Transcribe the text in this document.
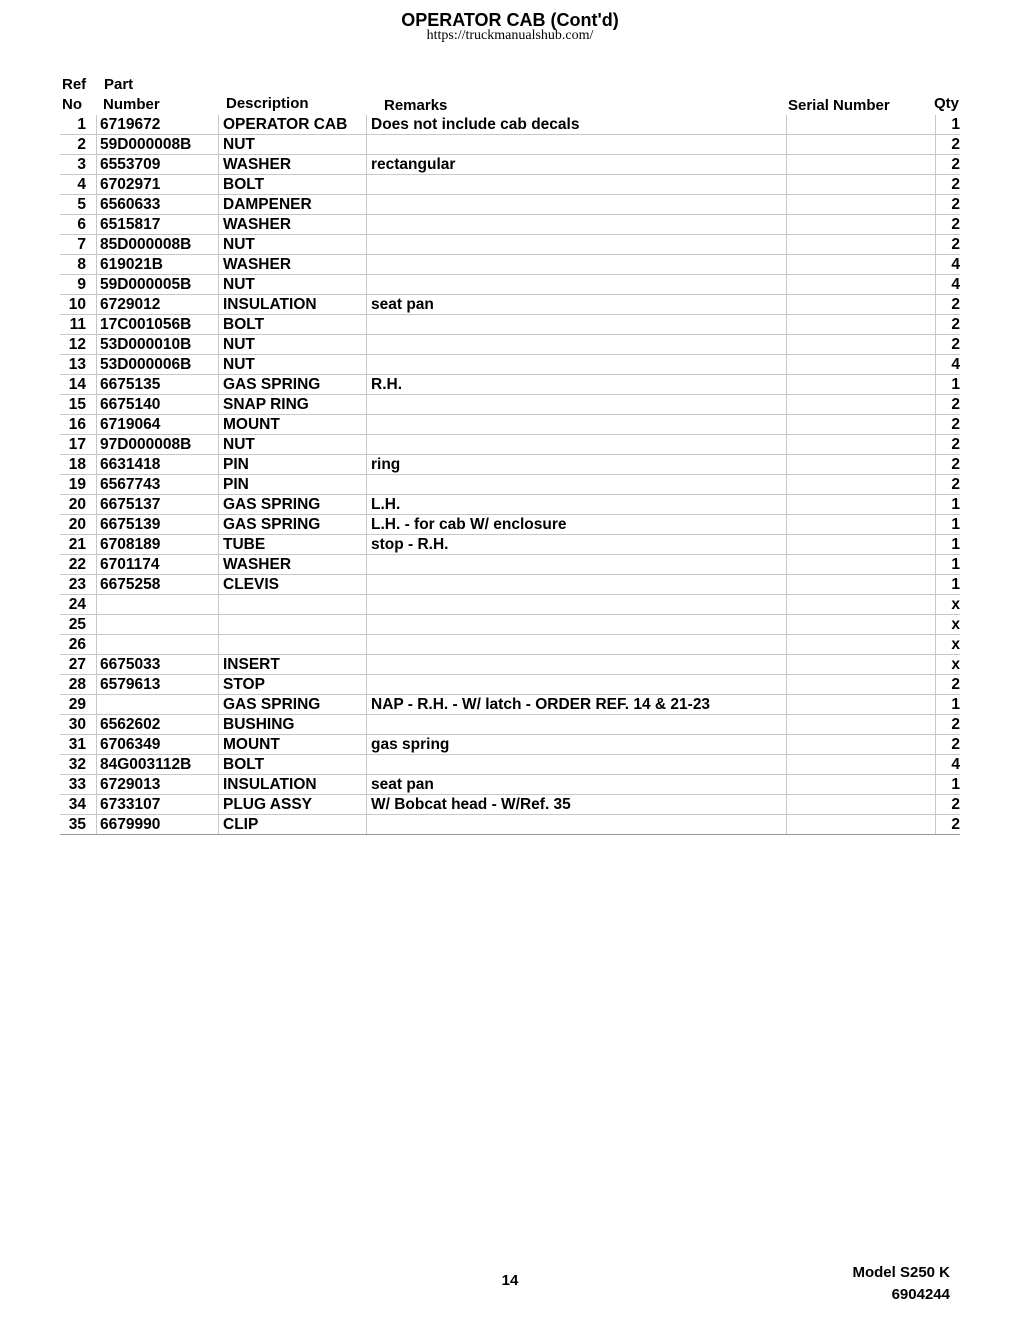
OPERATOR CAB (Cont'd)
https://truckmanualshub.com/
Ref
No
Part
Number	Description	Remarks	Serial Number	Qty
1	6719672	OPERATOR CAB	Does not include cab decals		1
2	59D000008B	NUT			2
3	6553709	WASHER	rectangular		2
4	6702971	BOLT			2
5	6560633	DAMPENER			2
6	6515817	WASHER			2
7	85D000008B	NUT			2
8	619021B	WASHER			4
9	59D000005B	NUT			4
10	6729012	INSULATION	seat pan		2
11	17C001056B	BOLT			2
12	53D000010B	NUT			2
13	53D000006B	NUT			4
14	6675135	GAS SPRING	R.H.		1
15	6675140	SNAP RING			2
16	6719064	MOUNT			2
17	97D000008B	NUT			2
18	6631418	PIN	ring		2
19	6567743	PIN			2
20	6675137	GAS SPRING	L.H.		1
20	6675139	GAS SPRING	L.H. - for cab W/ enclosure		1
21	6708189	TUBE	stop - R.H.		1
22	6701174	WASHER			1
23	6675258	CLEVIS			1
24					x
25					x
26					x
27	6675033	INSERT			x
28	6579613	STOP			2
29		GAS SPRING	NAP - R.H. - W/ latch - ORDER REF. 14 & 21-23		1
30	6562602	BUSHING			2
31	6706349	MOUNT	gas spring		2
32	84G003112B	BOLT			4
33	6729013	INSULATION	seat pan		1
34	6733107	PLUG ASSY	W/ Bobcat head - W/Ref. 35		2
35	6679990	CLIP			2
14	Model S250 K
6904244
